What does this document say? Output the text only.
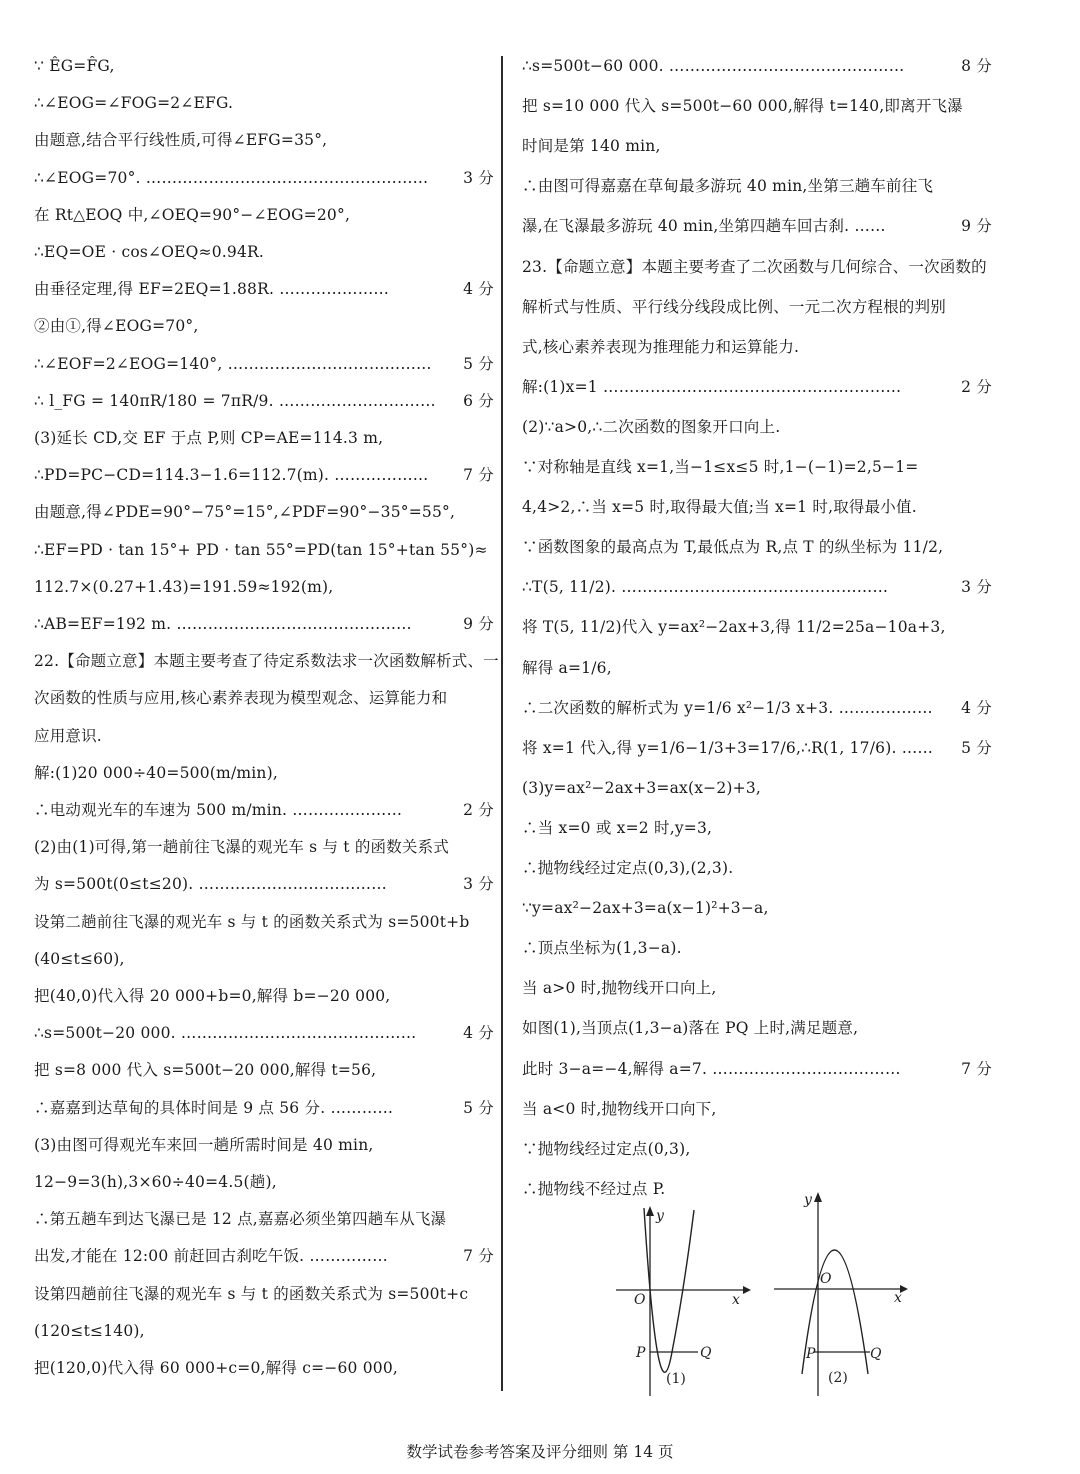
∵ ÊG=F̂G,
∴∠EOG=∠FOG=2∠EFG.
由题意,结合平行线性质,可得∠EFG=35°,
∴∠EOG=70°. ……………………………………………… 3 分
在 Rt△EOQ 中,∠OEQ=90°−∠EOG=20°,
∴EQ=OE · cos∠OEQ≈0.94R.
由垂径定理,得 EF=2EQ=1.88R. …………………	4 分
②由①,得∠EOG=70°,
∴∠EOF=2∠EOG=140°, ………………………………… 5 分
∴ l_FG = 140πR/180 = 7πR/9. ………………………… 6 分
(3)延长 CD,交 EF 于点 P,则 CP=AE=114.3 m,
∴PD=PC−CD=114.3−1.6=112.7(m). ……………… 7 分
由题意,得∠PDE=90°−75°=15°,∠PDF=90°−35°=55°,
∴EF=PD · tan 15°+ PD · tan 55°=PD(tan 15°+tan 55°)≈
112.7×(0.27+1.43)=191.59≈192(m),
∴AB=EF=192 m. ………………………………………	9 分
22.【命题立意】本题主要考查了待定系数法求一次函数解析式、一
次函数的性质与应用,核心素养表现为模型观念、运算能力和
应用意识.
解:(1)20 000÷40=500(m/min),
∴电动观光车的车速为 500 m/min. …………………	2 分
(2)由(1)可得,第一趟前往飞瀑的观光车 s 与 t 的函数关系式
为 s=500t(0≤t≤20). ………………………………	3 分
设第二趟前往飞瀑的观光车 s 与 t 的函数关系式为 s=500t+b
(40≤t≤60),
把(40,0)代入得 20 000+b=0,解得 b=−20 000,
∴s=500t−20 000. ………………………………………	4 分
把 s=8 000 代入 s=500t−20 000,解得 t=56,
∴嘉嘉到达草甸的具体时间是 9 点 56 分. …………	5 分
(3)由图可得观光车来回一趟所需时间是 40 min,
12−9=3(h),3×60÷40=4.5(趟),
∴第五趟车到达飞瀑已是 12 点,嘉嘉必须坐第四趟车从飞瀑
出发,才能在 12:00 前赶回古刹吃午饭. ……………	7 分
设第四趟前往飞瀑的观光车 s 与 t 的函数关系式为 s=500t+c
(120≤t≤140),
把(120,0)代入得 60 000+c=0,解得 c=−60 000,
∴s=500t−60 000. ………………………………………	8 分
把 s=10 000 代入 s=500t−60 000,解得 t=140,即离开飞瀑
时间是第 140 min,
∴由图可得嘉嘉在草甸最多游玩 40 min,坐第三趟车前往飞
瀑,在飞瀑最多游玩 40 min,坐第四趟车回古刹. ……	9 分
23.【命题立意】本题主要考查了二次函数与几何综合、一次函数的
解析式与性质、平行线分线段成比例、一元二次方程根的判别
式,核心素养表现为推理能力和运算能力.
解:(1)x=1 …………………………………………………	2 分
(2)∵a>0,∴二次函数的图象开口向上.
∵对称轴是直线 x=1,当−1≤x≤5 时,1−(−1)=2,5−1=
4,4>2,∴当 x=5 时,取得最大值;当 x=1 时,取得最小值.
∵函数图象的最高点为 T,最低点为 R,点 T 的纵坐标为 11/2,
∴T(5, 11/2). ……………………………………………	3 分
将 T(5, 11/2)代入 y=ax²−2ax+3,得 11/2=25a−10a+3,
解得 a=1/6,
∴二次函数的解析式为 y=1/6 x²−1/3 x+3. ……………… 4 分
将 x=1 代入,得 y=1/6−1/3+3=17/6,∴R(1, 17/6). …… 5 分
(3)y=ax²−2ax+3=ax(x−2)+3,
∴当 x=0 或 x=2 时,y=3,
∴抛物线经过定点(0,3),(2,3).
∵y=ax²−2ax+3=a(x−1)²+3−a,
∴顶点坐标为(1,3−a).
当 a>0 时,抛物线开口向上,
如图(1),当顶点(1,3−a)落在 PQ 上时,满足题意,
此时 3−a=−4,解得 a=7. ………………………………	7 分
当 a<0 时,抛物线开口向下,
∵抛物线经过定点(0,3),
∴抛物线不经过点 P.
y
x
O
P	Q
(1)
y
x
O
P	Q
(2)
数学试卷参考答案及评分细则 第 14 页
